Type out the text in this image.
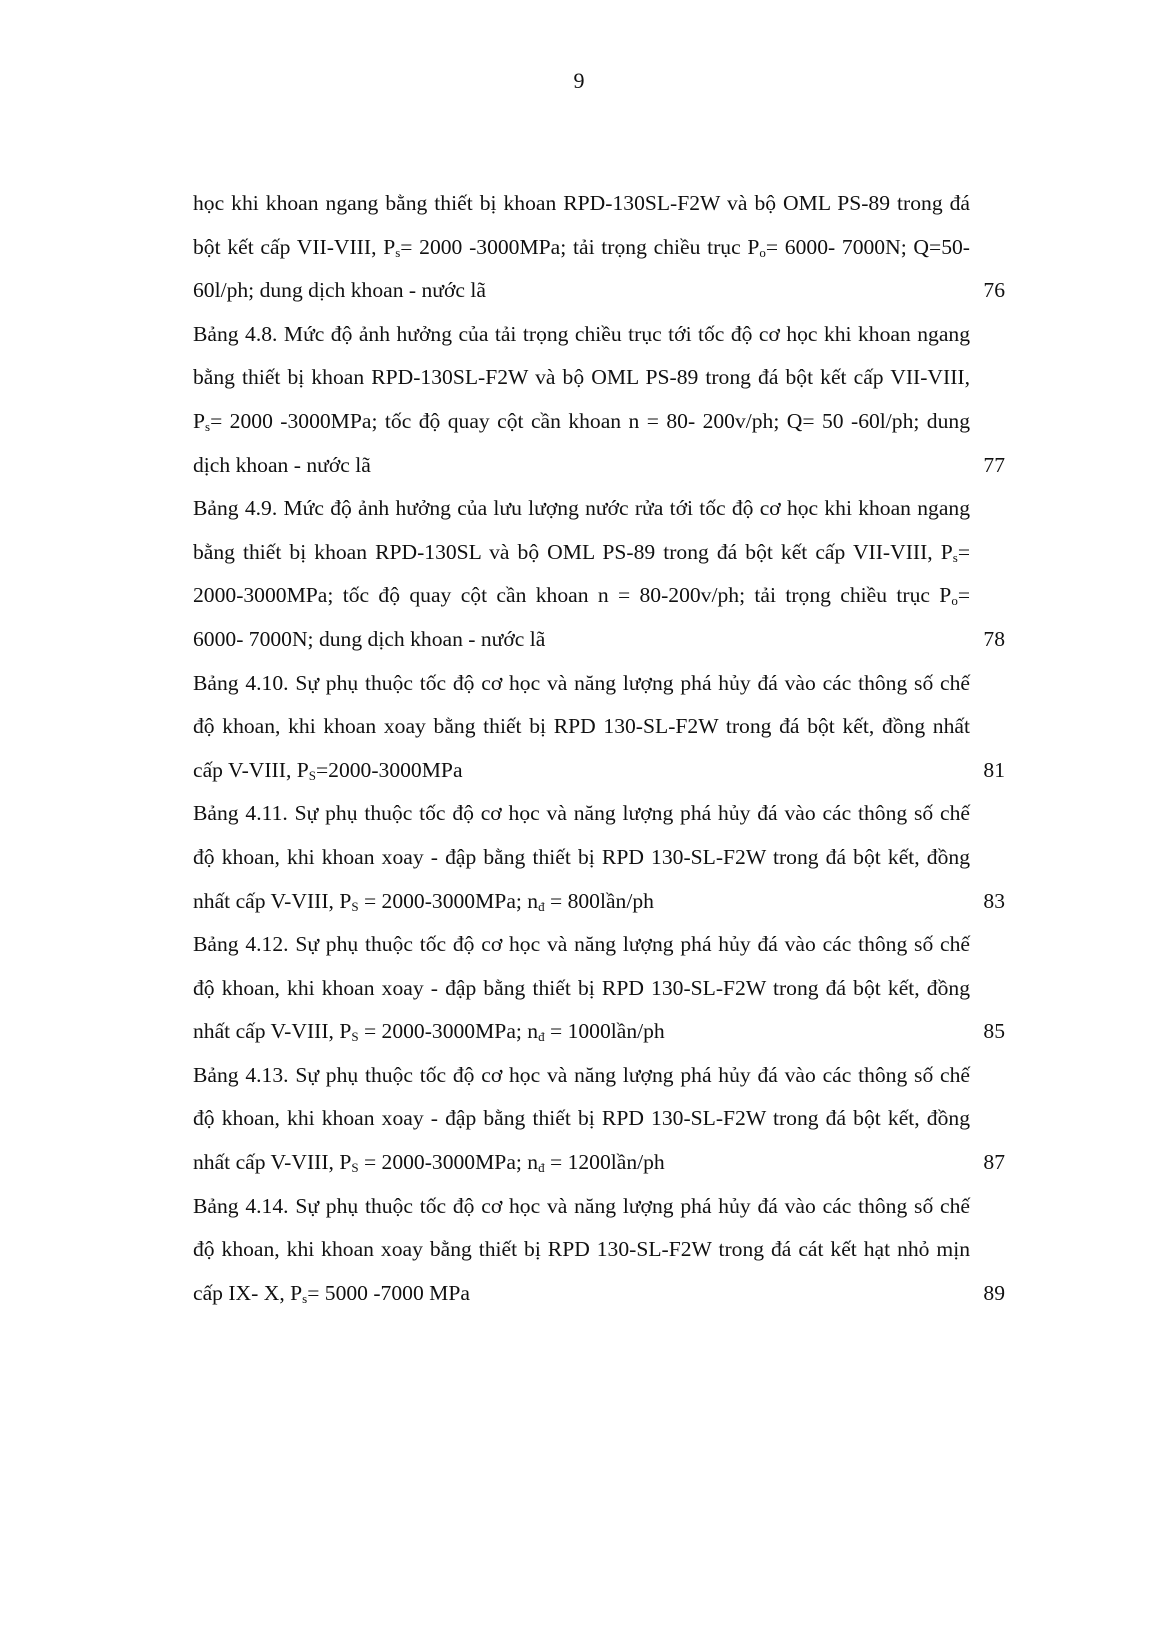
9
học khi khoan ngang bằng thiết bị khoan RPD-130SL-F2W và bộ OML PS-89 trong đá bột kết cấp VII-VIII, $P_s= 2000$ -3000MPa; tải trọng chiều trục $P_o= 6000-$ 7000N; Q=50-60l/ph; dung dịch khoan - nước lã	76
Bảng 4.8. Mức độ ảnh hưởng của tải trọng chiều trục tới tốc độ cơ học khi khoan ngang bằng thiết bị khoan RPD-130SL-F2W và bộ OML PS-89 trong đá bột kết cấp VII-VIII, $P_s= 2000$ -3000MPa; tốc độ quay cột cần khoan n = 80- 200v/ph; Q= 50 -60l/ph; dung dịch khoan - nước lã	77
Bảng 4.9. Mức độ ảnh hưởng của lưu lượng nước rửa tới tốc độ cơ học khi khoan ngang bằng thiết bị khoan RPD-130SL và bộ OML PS-89 trong đá bột kết cấp VII-VIII, $P_s= 2000-3000MPa$; tốc độ quay cột cần khoan n = 80-200v/ph; tải trọng chiều trục $P_o= 6000-$ 7000N; dung dịch khoan - nước lã	78
Bảng 4.10. Sự phụ thuộc tốc độ cơ học và năng lượng phá hủy đá vào các thông số chế độ khoan, khi khoan xoay bằng thiết bị RPD 130-SL-F2W trong đá bột kết, đồng nhất cấp V-VIII, $P_S=2000-3000MPa$	81
Bảng 4.11. Sự phụ thuộc tốc độ cơ học và năng lượng phá hủy đá vào các thông số chế độ khoan, khi khoan xoay - đập bằng thiết bị RPD 130-SL-F2W trong đá bột kết, đồng nhất cấp V-VIII, $P_S = 2000-3000MPa$; $n_đ$ = 800lần/ph	83
Bảng 4.12. Sự phụ thuộc tốc độ cơ học và năng lượng phá hủy đá vào các thông số chế độ khoan, khi khoan xoay - đập bằng thiết bị RPD 130-SL-F2W trong đá bột kết, đồng nhất cấp V-VIII, $P_S = 2000-3000MPa$; $n_đ$ = 1000lần/ph	85
Bảng 4.13. Sự phụ thuộc tốc độ cơ học và năng lượng phá hủy đá vào các thông số chế độ khoan, khi khoan xoay - đập bằng thiết bị RPD 130-SL-F2W trong đá bột kết, đồng nhất cấp V-VIII, $P_S = 2000-3000MPa$; $n_đ$ = 1200lần/ph	87
Bảng 4.14. Sự phụ thuộc tốc độ cơ học và năng lượng phá hủy đá vào các thông số chế độ khoan, khi khoan xoay bằng thiết bị RPD 130-SL-F2W trong đá cát kết hạt nhỏ mịn cấp IX- X, $P_s= 5000$ -7000 MPa	89
